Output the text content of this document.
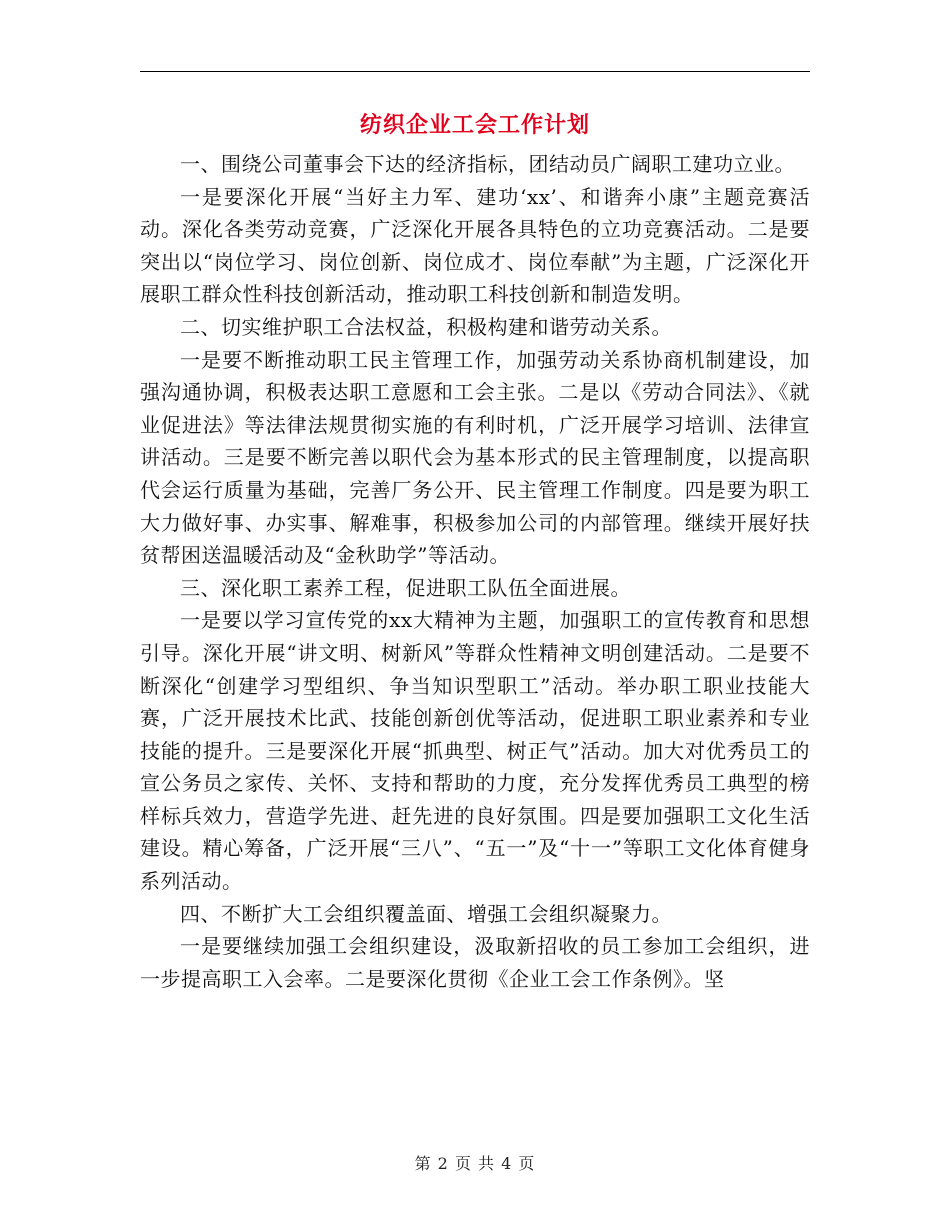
纺织企业工会工作计划

一、围绕公司董事会下达的经济指标，团结动员广阔职工建功立业。

一是要深化开展“当好主力军、建功‘xx’、和谐奔小康”主题竞赛活动。深化各类劳动竞赛，广泛深化开展各具特色的立功竞赛活动。二是要突出以“岗位学习、岗位创新、岗位成才、岗位奉献”为主题，广泛深化开展职工群众性科技创新活动，推动职工科技创新和制造发明。

二、切实维护职工合法权益，积极构建和谐劳动关系。

一是要不断推动职工民主管理工作，加强劳动关系协商机制建设，加强沟通协调，积极表达职工意愿和工会主张。二是以《劳动合同法》、《就业促进法》等法律法规贯彻实施的有利时机，广泛开展学习培训、法律宣讲活动。三是要不断完善以职代会为基本形式的民主管理制度，以提高职代会运行质量为基础，完善厂务公开、民主管理工作制度。四是要为职工大力做好事、办实事、解难事，积极参加公司的内部管理。继续开展好扶贫帮困送温暖活动及“金秋助学”等活动。

三、深化职工素养工程，促进职工队伍全面进展。

一是要以学习宣传党的xx大精神为主题，加强职工的宣传教育和思想引导。深化开展“讲文明、树新风”等群众性精神文明创建活动。二是要不断深化“创建学习型组织、争当知识型职工”活动。举办职工职业技能大赛，广泛开展技术比武、技能创新创优等活动，促进职工职业素养和专业技能的提升。三是要深化开展“抓典型、树正气”活动。加大对优秀员工的宣公务员之家传、关怀、支持和帮助的力度，充分发挥优秀员工典型的榜样标兵效力，营造学先进、赶先进的良好氛围。四是要加强职工文化生活建设。精心筹备，广泛开展“三八”、“五一”及“十一”等职工文化体育健身系列活动。

四、不断扩大工会组织覆盖面、增强工会组织凝聚力。

一是要继续加强工会组织建设，汲取新招收的员工参加工会组织，进一步提高职工入会率。二是要深化贯彻《企业工会工作条例》。坚

第 2 页 共 4 页
